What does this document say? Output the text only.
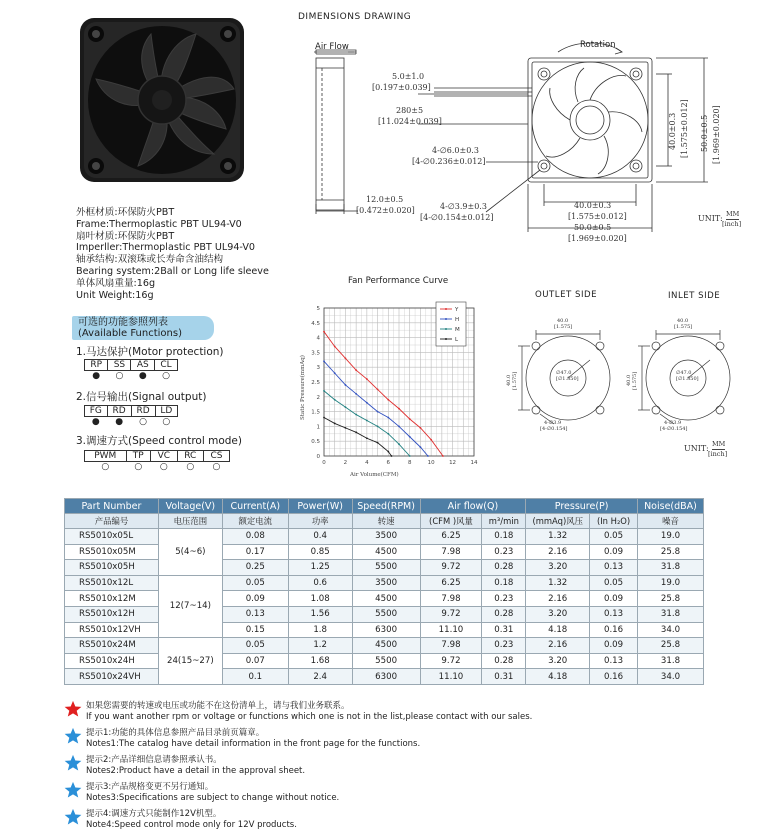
外框材质:环保防火PBT
Frame:Thermoplastic PBT UL94-V0
扇叶材质:环保防火PBT
Imperller:Thermoplastic PBT UL94-V0
轴承结构:双滚珠或长寿命含油结构
Bearing system:2Ball or Long life sleeve
单体风扇重量:16g
Unit Weight:16g
可选的功能参照列表
(Available Functions)
1.马达保护(Motor protection)
RP	SS	AS	CL
●	○	●	○
2.信号输出(Signal output)
FG	RD	$\overline{RD}$	LD
●	●	○	○
3.调速方式(Speed control mode)
PWM	TP	VC	RC	CS
○	○	○	○	○
DIMENSIONS DRAWING
Air Flow	Rotation
5.0±1.0
[0.197±0.039]
280±5
[11.024±0.039]
4-∅6.0±0.3
[4-∅0.236±0.012]
12.0±0.5
[0.472±0.020]	4-∅3.9±0.3
[4-∅0.154±0.012]
40.0±0.3
[1.575±0.012]
50.0±0.5
[1.969±0.020]
40.0±0.3 [1.575±0.012] 50.0±0.5 [1.969±0.020]
UNIT: MM
[inch]
Fan Performance Curve
0	2	4	6	8	10	12	14
0
0.5
1
1.5
2
2.5
3
3.5
4
4.5
5	Y
H
M
L
Air Volume(CFM)
Static Pressure(mmAq)
OUTLET SIDE	INLET SIDE
40.0
[1.575]
40.0
[1.575]
40.0 [1.575]	40.0 [1.575]
∅47.0
[∅1.850]
∅47.0
[∅1.850]
4-∅3.9
[4-∅0.154]
4-∅3.9
[4-∅0.154]
UNIT: MM
[inch]
Part Number	Voltage(V)	Current(A)	Power(W)	Speed(RPM)	Air flow(Q)		Pressure(P)		Noise(dBA)
产品编号	电压范围	额定电流	功率	转速	(CFM )风量	m³/min	(mmAq)风压	(In H₂O)	噪音
RS5010x05L	5(4~6)	0.08	0.4	3500	6.25	0.18	1.32	0.05	19.0
RS5010x05M		0.17	0.85	4500	7.98	0.23	2.16	0.09	25.8
RS5010x05H		0.25	1.25	5500	9.72	0.28	3.20	0.13	31.8
RS5010x12L	12(7~14)	0.05	0.6	3500	6.25	0.18	1.32	0.05	19.0
RS5010x12M		0.09	1.08	4500	7.98	0.23	2.16	0.09	25.8
RS5010x12H		0.13	1.56	5500	9.72	0.28	3.20	0.13	31.8
RS5010x12VH		0.15	1.8	6300	11.10	0.31	4.18	0.16	34.0
RS5010x24M	24(15~27)	0.05	1.2	4500	7.98	0.23	2.16	0.09	25.8
RS5010x24H		0.07	1.68	5500	9.72	0.28	3.20	0.13	31.8
RS5010x24VH		0.1	2.4	6300	11.10	0.31	4.18	0.16	34.0
如果您需要的转速或电压或功能不在这份清单上，请与我们业务联系。
If you want another rpm or voltage or functions which one is not in the list,please contact with our sales.
提示1:功能的具体信息参照产品目录前页篇章。
Notes1:The catalog have detail information in the front page for the functions.
提示2:产品详细信息请参照承认书。
Notes2:Product have a detail in the approval sheet.
提示3:产品规格变更不另行通知。
Notes3:Specifications are subject to change without notice.
提示4:调速方式只能制作12V机型。
Note4:Speed control mode only for 12V products.
